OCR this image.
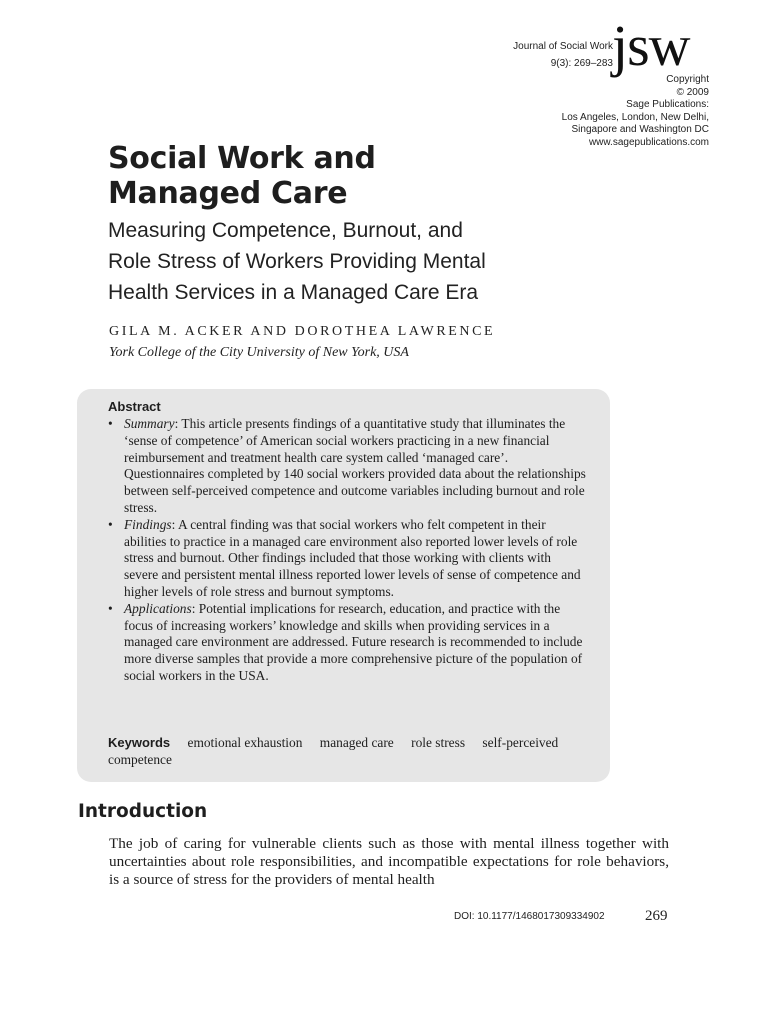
Journal of Social Work
9(3): 269–283 jsw
Copyright
© 2009
Sage Publications:
Los Angeles, London, New Delhi,
Singapore and Washington DC
www.sagepublications.com
Social Work and
Managed Care
Measuring Competence, Burnout, and
Role Stress of Workers Providing Mental
Health Services in a Managed Care Era
GILA M. ACKER AND DOROTHEA LAWRENCE
York College of the City University of New York, USA
Abstract
• Summary: This article presents findings of a quantitative study that illuminates the ‘sense of competence’ of American social workers practicing in a new financial reimbursement and treatment health care system called ‘managed care’. Questionnaires completed by 140 social workers provided data about the relationships between self-perceived competence and outcome variables including burnout and role stress.
• Findings: A central finding was that social workers who felt competent in their abilities to practice in a managed care environment also reported lower levels of role stress and burnout. Other findings included that those working with clients with severe and persistent mental illness reported lower levels of sense of competence and higher levels of role stress and burnout symptoms.
• Applications: Potential implications for research, education, and practice with the focus of increasing workers’ knowledge and skills when providing services in a managed care environment are addressed. Future research is recommended to include more diverse samples that provide a more comprehensive picture of the population of social workers in the USA.
Keywords emotional exhaustion managed care role stress self-perceived competence
Introduction

The job of caring for vulnerable clients such as those with mental illness together with uncertainties about role responsibilities, and incompatible expectations for role behaviors, is a source of stress for the providers of mental health

DOI: 10.1177/1468017309334902	269
